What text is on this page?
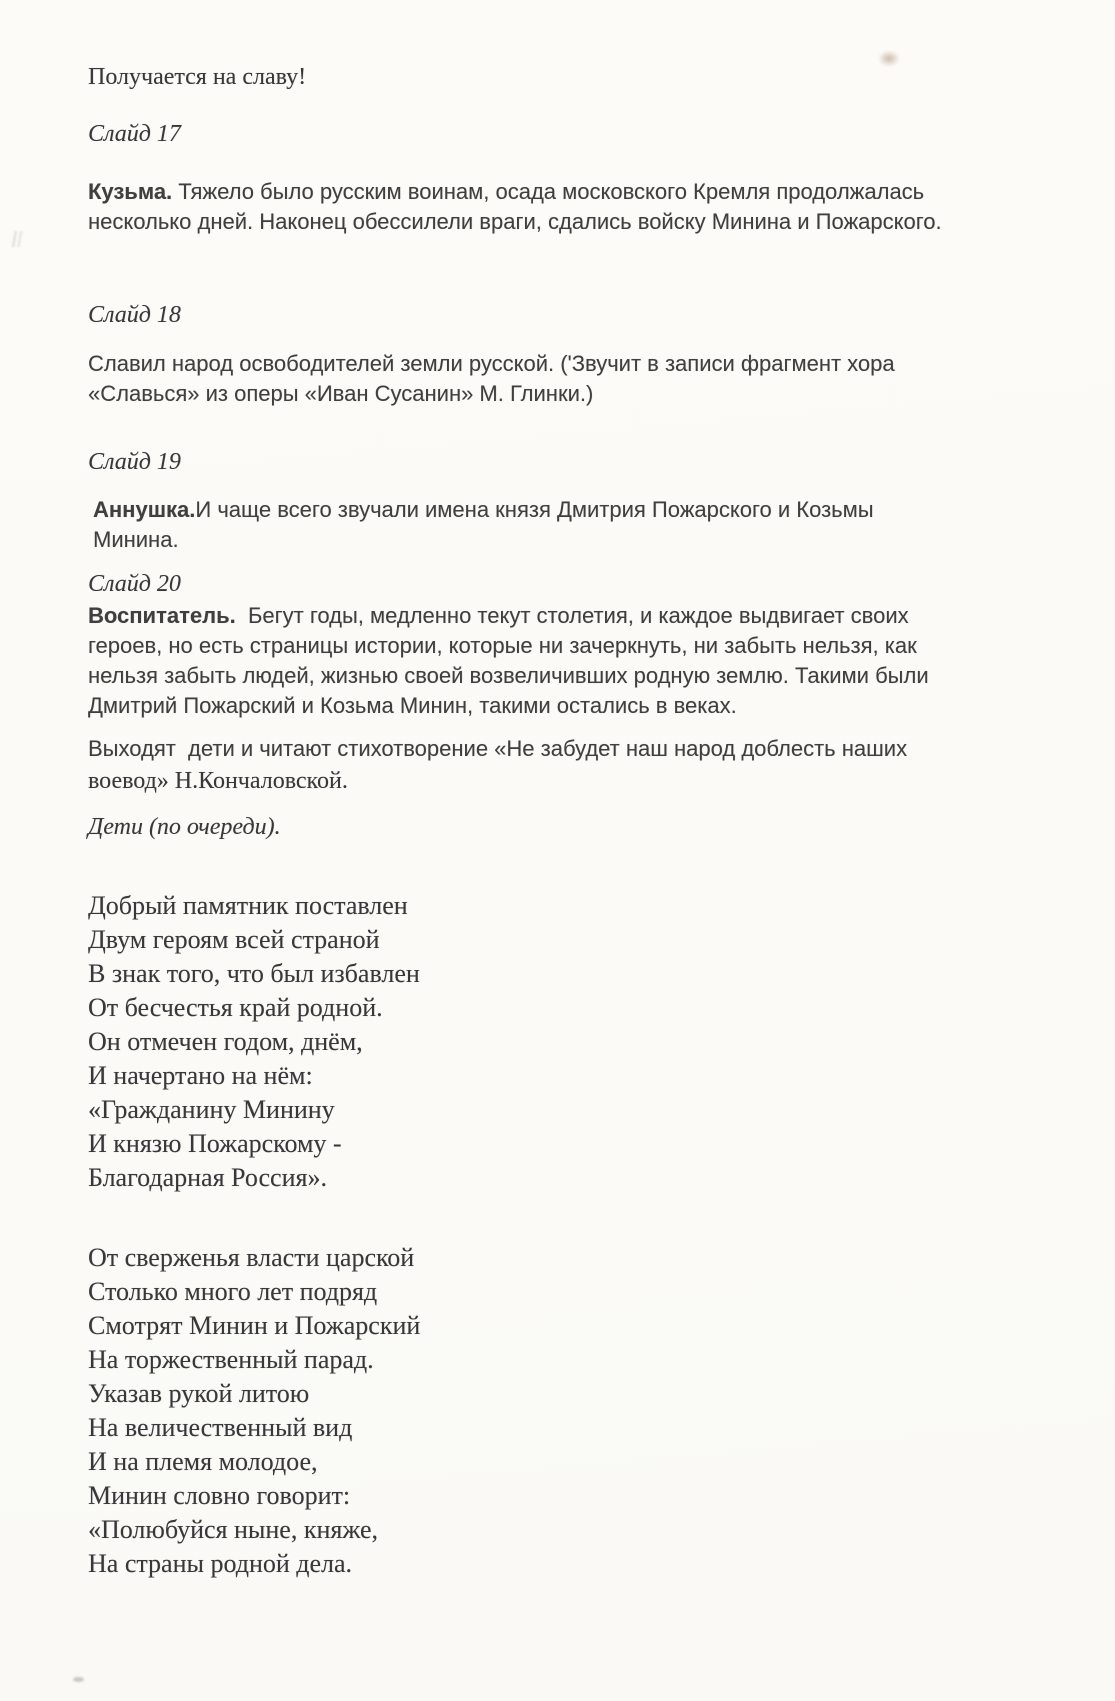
Получается на славу!

Слайд 17

Кузьма. Тяжело было русским воинам, осада московского Кремля продолжалась
несколько дней. Наконец обессилели враги, сдались войску Минина и Пожарского.

Слайд 18

Славил народ освободителей земли русской. ('Звучит в записи фрагмент хора
«Славься» из оперы «Иван Сусанин» М. Глинки.)

Слайд 19

Аннушка.И чаще всего звучали имена князя Дмитрия Пожарского и Козьмы
Минина.

Слайд 20

Воспитатель.  Бегут годы, медленно текут столетия, и каждое выдвигает своих
героев, но есть страницы истории, которые ни зачеркнуть, ни забыть нельзя, как
нельзя забыть людей, жизнью своей возвеличивших родную землю. Такими были
Дмитрий Пожарский и Козьма Минин, такими остались в веках.

Выходят  дети и читают стихотворение «Не забудет наш народ доблесть наших
воевод» Н.Кончаловской.

Дети (по очереди).

Добрый памятник поставлен
Двум героям всей страной
В знак того, что был избавлен
От бесчестья край родной.
Он отмечен годом, днём,
И начертано на нём:
«Гражданину Минину
И князю Пожарскому -
Благодарная Россия».
От сверженья власти царской
Столько много лет подряд
Смотрят Минин и Пожарский
На торжественный парад.
Указав рукой литою
На величественный вид
И на племя молодое,
Минин словно говорит:
«Полюбуйся ныне, княже,
На страны родной дела.
